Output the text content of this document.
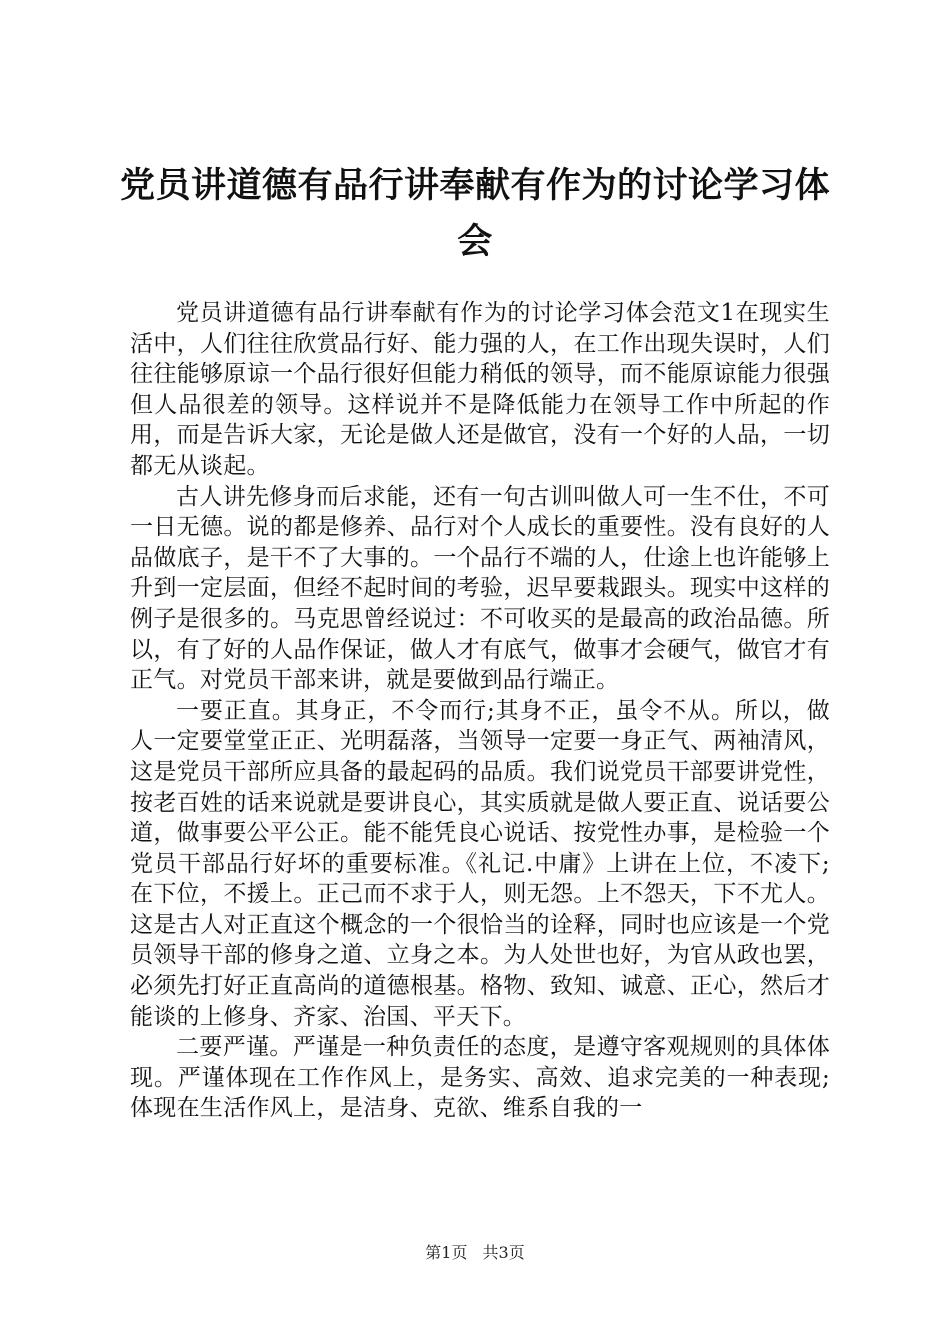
党员讲道德有品行讲奉献有作为的讨论学习体会

党员讲道德有品行讲奉献有作为的讨论学习体会范文1在现实生活中，人们往往欣赏品行好、能力强的人，在工作出现失误时，人们往往能够原谅一个品行很好但能力稍低的领导，而不能原谅能力很强但人品很差的领导。这样说并不是降低能力在领导工作中所起的作用，而是告诉大家，无论是做人还是做官，没有一个好的人品，一切都无从谈起。

古人讲先修身而后求能，还有一句古训叫做人可一生不仕，不可一日无德。说的都是修养、品行对个人成长的重要性。没有良好的人品做底子，是干不了大事的。一个品行不端的人，仕途上也许能够上升到一定层面，但经不起时间的考验，迟早要栽跟头。现实中这样的例子是很多的。马克思曾经说过：不可收买的是最高的政治品德。所以，有了好的人品作保证，做人才有底气，做事才会硬气，做官才有正气。对党员干部来讲，就是要做到品行端正。

一要正直。其身正，不令而行;其身不正，虽令不从。所以，做人一定要堂堂正正、光明磊落，当领导一定要一身正气、两袖清风，这是党员干部所应具备的最起码的品质。我们说党员干部要讲党性，按老百姓的话来说就是要讲良心，其实质就是做人要正直、说话要公道，做事要公平公正。能不能凭良心说话、按党性办事，是检验一个党员干部品行好坏的重要标准。《礼记.中庸》上讲在上位，不凌下;在下位，不援上。正己而不求于人，则无怨。上不怨天，下不尤人。这是古人对正直这个概念的一个很恰当的诠释，同时也应该是一个党员领导干部的修身之道、立身之本。为人处世也好，为官从政也罢，必须先打好正直高尚的道德根基。格物、致知、诚意、正心，然后才能谈的上修身、齐家、治国、平天下。

二要严谨。严谨是一种负责任的态度，是遵守客观规则的具体体现。严谨体现在工作作风上，是务实、高效、追求完美的一种表现;体现在生活作风上，是洁身、克欲、维系自我的一

第1页 共3页
